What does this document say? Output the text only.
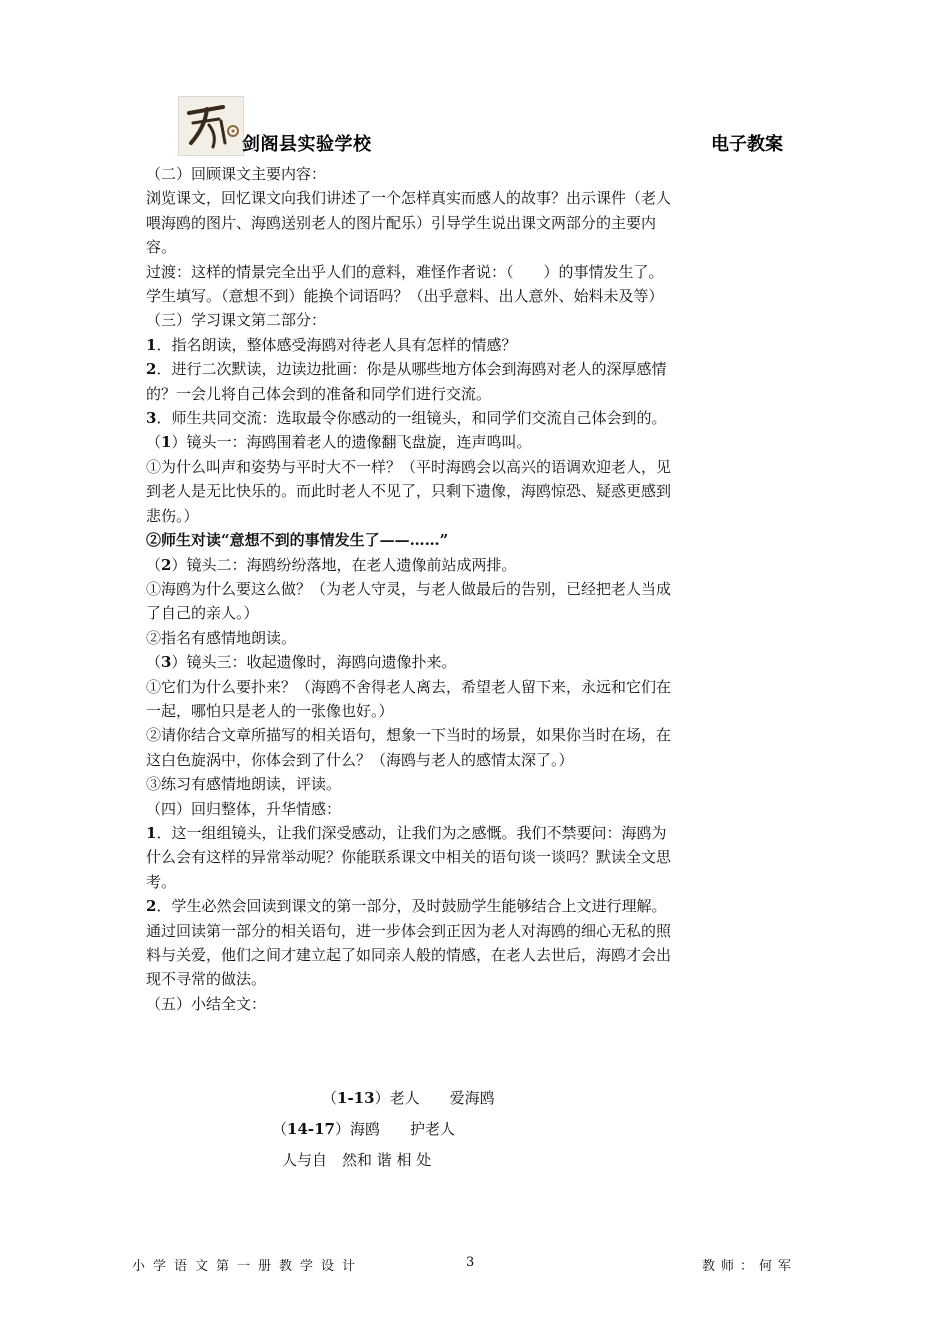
剑阁县实验学校	电子教案

（二）回顾课文主要内容：

浏览课文，回忆课文向我们讲述了一个怎样真实而感人的故事？出示课件（老人喂海鸥的图片、海鸥送别老人的图片配乐）引导学生说出课文两部分的主要内容。

过渡：这样的情景完全出乎人们的意料，难怪作者说：（　　）的事情发生了。学生填写。（意想不到）能换个词语吗？（出乎意料、出人意外、始料未及等）

（三）学习课文第二部分：

1．指名朗读，整体感受海鸥对待老人具有怎样的情感？

2．进行二次默读，边读边批画：你是从哪些地方体会到海鸥对老人的深厚感情的？一会儿将自己体会到的准备和同学们进行交流。

3．师生共同交流：选取最令你感动的一组镜头，和同学们交流自己体会到的。

（1）镜头一：海鸥围着老人的遗像翻飞盘旋，连声鸣叫。

①为什么叫声和姿势与平时大不一样？（平时海鸥会以高兴的语调欢迎老人，见到老人是无比快乐的。而此时老人不见了，只剩下遗像，海鸥惊恐、疑惑更感到悲伤。）

②师生对读“意想不到的事情发生了——……”

（2）镜头二：海鸥纷纷落地，在老人遗像前站成两排。

①海鸥为什么要这么做？（为老人守灵，与老人做最后的告别，已经把老人当成了自己的亲人。）

②指名有感情地朗读。

（3）镜头三：收起遗像时，海鸥向遗像扑来。

①它们为什么要扑来？（海鸥不舍得老人离去，希望老人留下来，永远和它们在一起，哪怕只是老人的一张像也好。）

②请你结合文章所描写的相关语句，想象一下当时的场景，如果你当时在场，在这白色旋涡中，你体会到了什么？（海鸥与老人的感情太深了。）

③练习有感情地朗读，评读。

（四）回归整体，升华情感：

1．这一组组镜头，让我们深受感动，让我们为之感慨。我们不禁要问：海鸥为什么会有这样的异常举动呢？你能联系课文中相关的语句谈一谈吗？默读全文思考。

2．学生必然会回读到课文的第一部分，及时鼓励学生能够结合上文进行理解。通过回读第一部分的相关语句，进一步体会到正因为老人对海鸥的细心无私的照料与关爱，他们之间才建立起了如同亲人般的情感，在老人去世后，海鸥才会出现不寻常的做法。

（五）小结全文：

（1-13）老人　　爱海鸥
（14-17）海鸥　　护老人
人与自　然和 谐 相 处
小学语文第一册教学设计	3	教师：何军
